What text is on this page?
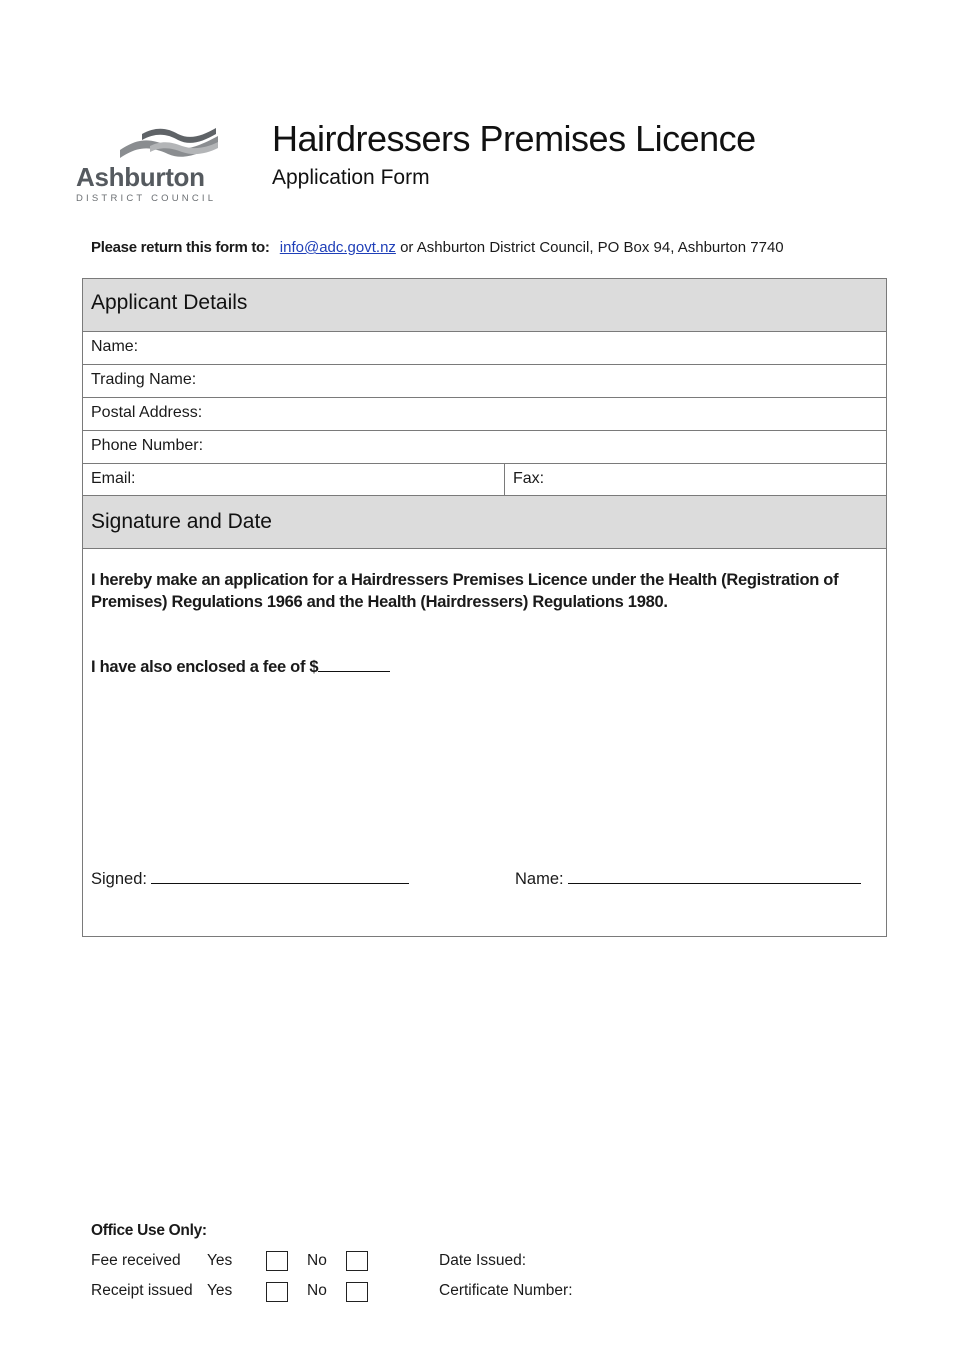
Ashburton
DISTRICT COUNCIL
Hairdressers Premises Licence
Application Form
Please return this form to: info@adc.govt.nz or Ashburton District Council, PO Box 94, Ashburton 7740
Applicant Details
Name:
Trading Name:
Postal Address:
Phone Number:
Email:	Fax:
Signature and Date
I hereby make an application for a Hairdressers Premises Licence under the Health (Registration of Premises) Regulations 1966 and the Health (Hairdressers) Regulations 1980.
I have also enclosed a fee of $
Signed:	Name:
Office Use Only:
Fee received Yes	No	Date Issued:
Receipt issued Yes	No	Certificate Number:
